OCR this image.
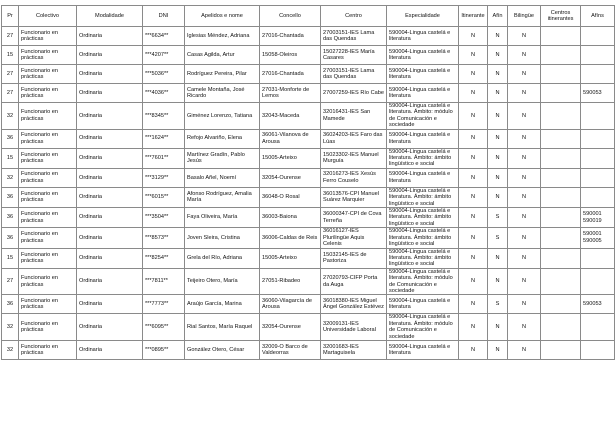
Pr	Colectivo	Modalidade	DNI	Apelidos e nome	Concello	Centro	Especialidade	Itinerante	Afín	Bilingüe	Centros itinerantes	Afíns
27	Funcionario en prácticas	Ordinaria	***6634**	Iglesias Méndez, Adriana	27016-Chantada	27003151-IES Lama das Quendas	590004-Lingua castelá e literatura	N	N	N		
15	Funcionario en prácticas	Ordinaria	***4207**	Casas Agilda, Artur	15058-Oleiros	15027228-IES María Casares	590004-Lingua castelá e literatura	N	N	N		
27	Funcionario en prácticas	Ordinaria	***5036**	Rodríguez Pereira, Pilar	27016-Chantada	27003151-IES Lama das Quendas	590004-Lingua castelá e literatura	N	N	N		
27	Funcionario en prácticas	Ordinaria	***4036**	Camele Montaña, José Ricardo	27031-Monforte de Lemos	27007259-IES Río Cabe	590004-Lingua castelá e literatura	N	N	N		590053
32	Funcionario en prácticas	Ordinaria	***8345**	Giménez Lorenzo, Tatiana	32043-Maceda	32016431-IES San Mamede	590004-Lingua castelá e literatura. Ámbito: módulo de Comunicación e sociedade	N	N	N		
36	Funcionario en prácticas	Ordinaria	***1624**	Refojo Alvariño, Elena	36061-Vilanova de Arousa	36024203-IES Faro das Lúas	590004-Lingua castelá e literatura	N	N	N		
15	Funcionario en prácticas	Ordinaria	***7601**	Martínez Gradín, Pablo Jesús	15005-Arteixo	15023302-IES Manuel Murguía	590004-Lingua castelá e literatura. Ámbito: ámbito lingüístico e social	N	N	N		
32	Funcionario en prácticas	Ordinaria	***3129**	Basalo Añel, Noemí	32054-Ourense	32016273-IES Xesús Ferro Couselo	590004-Lingua castelá e literatura	N	N	N		
36	Funcionario en prácticas	Ordinaria	***6015**	Afonso Rodríguez, Amalia María	36048-O Rosal	36013576-CPI Manuel Suárez Marquier	590004-Lingua castelá e literatura. Ámbito: ámbito lingüístico e social	N	N	N		
36	Funcionario en prácticas	Ordinaria	***3504**	Faya Oliveira, María	36003-Baiona	36000347-CPI de Cova Terreña	590004-Lingua castelá e literatura. Ámbito: ámbito lingüístico e social	N	S	N		590001 590019
36	Funcionario en prácticas	Ordinaria	***8573**	Joven Sleira, Cristina	36006-Caldas de Reis	36016127-IES Plurilingüe Aquis Celenis	590004-Lingua castelá e literatura. Ámbito: ámbito lingüístico e social	N	S	N		590001 590005
15	Funcionario en prácticas	Ordinaria	***8254**	Grela del Río, Adriana	15005-Arteixo	15032145-IES de Pastoriza	590004-Lingua castelá e literatura. Ámbito: ámbito lingüístico e social	N	N	N		
27	Funcionario en prácticas	Ordinaria	***7811**	Teijeiro Otero, María	27051-Ribadeo	27020793-CIFP Porta da Auga	590004-Lingua castelá e literatura. Ámbito: módulo de Comunicación e sociedade	N	N	N		
36	Funcionario en prácticas	Ordinaria	***7773**	Araújo García, Marina	36060-Vilagarcía de Arousa	36018380-IES Miguel Ángel González Estévez	590004-Lingua castelá e literatura	N	S	N		590053
32	Funcionario en prácticas	Ordinaria	***6095**	Rial Santos, María Raquel	32054-Ourense	32009131-IES Universidade Laboral	590004-Lingua castelá e literatura. Ámbito: módulo de Comunicación e sociedade	N	N	N		
32	Funcionario en prácticas	Ordinaria	***0895**	González Otero, César	32009-O Barco de Valdeorras	32001683-IES Martaguisela	590004-Lingua castelá e literatura	N	N	N		
